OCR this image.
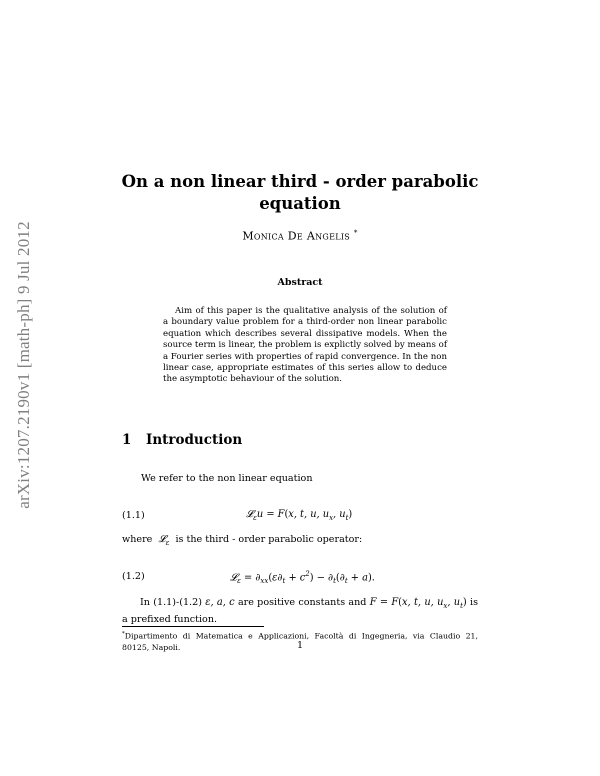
arXiv:1207.2190v1 [math-ph] 9 Jul 2012
On a non linear third - order parabolic
equation
Monica De Angelis *
Abstract
Aim of this paper is the qualitative analysis of the solution of a boundary value problem for a third-order non linear parabolic equation which describes several dissipative models. When the source term is linear, the problem is explictly solved by means of a Fourier series with properties of rapid convergence. In the non linear case, appropriate estimates of this series allow to deduce the asymptotic behaviour of the solution.
1 Introduction
We refer to the non linear equation
(1.1)	𝓛$_\varepsilon$u = F(x, t, u, $u_x$, $u_t$)
where 𝓛$_\varepsilon$ is the third - order parabolic operator:
(1.2)	𝓛$_\varepsilon$ = $\partial_{xx}(\varepsilon\partial_t + c^2) - \partial_t(\partial_t + a)$.
In (1.1)-(1.2) ε, a, c are positive constants and F = F(x, t, u, $u_x$, $u_t$) is a prefixed function.
*Dipartimento di Matematica e Applicazioni, Facoltà di Ingegneria, via Claudio 21, 80125, Napoli.	1
